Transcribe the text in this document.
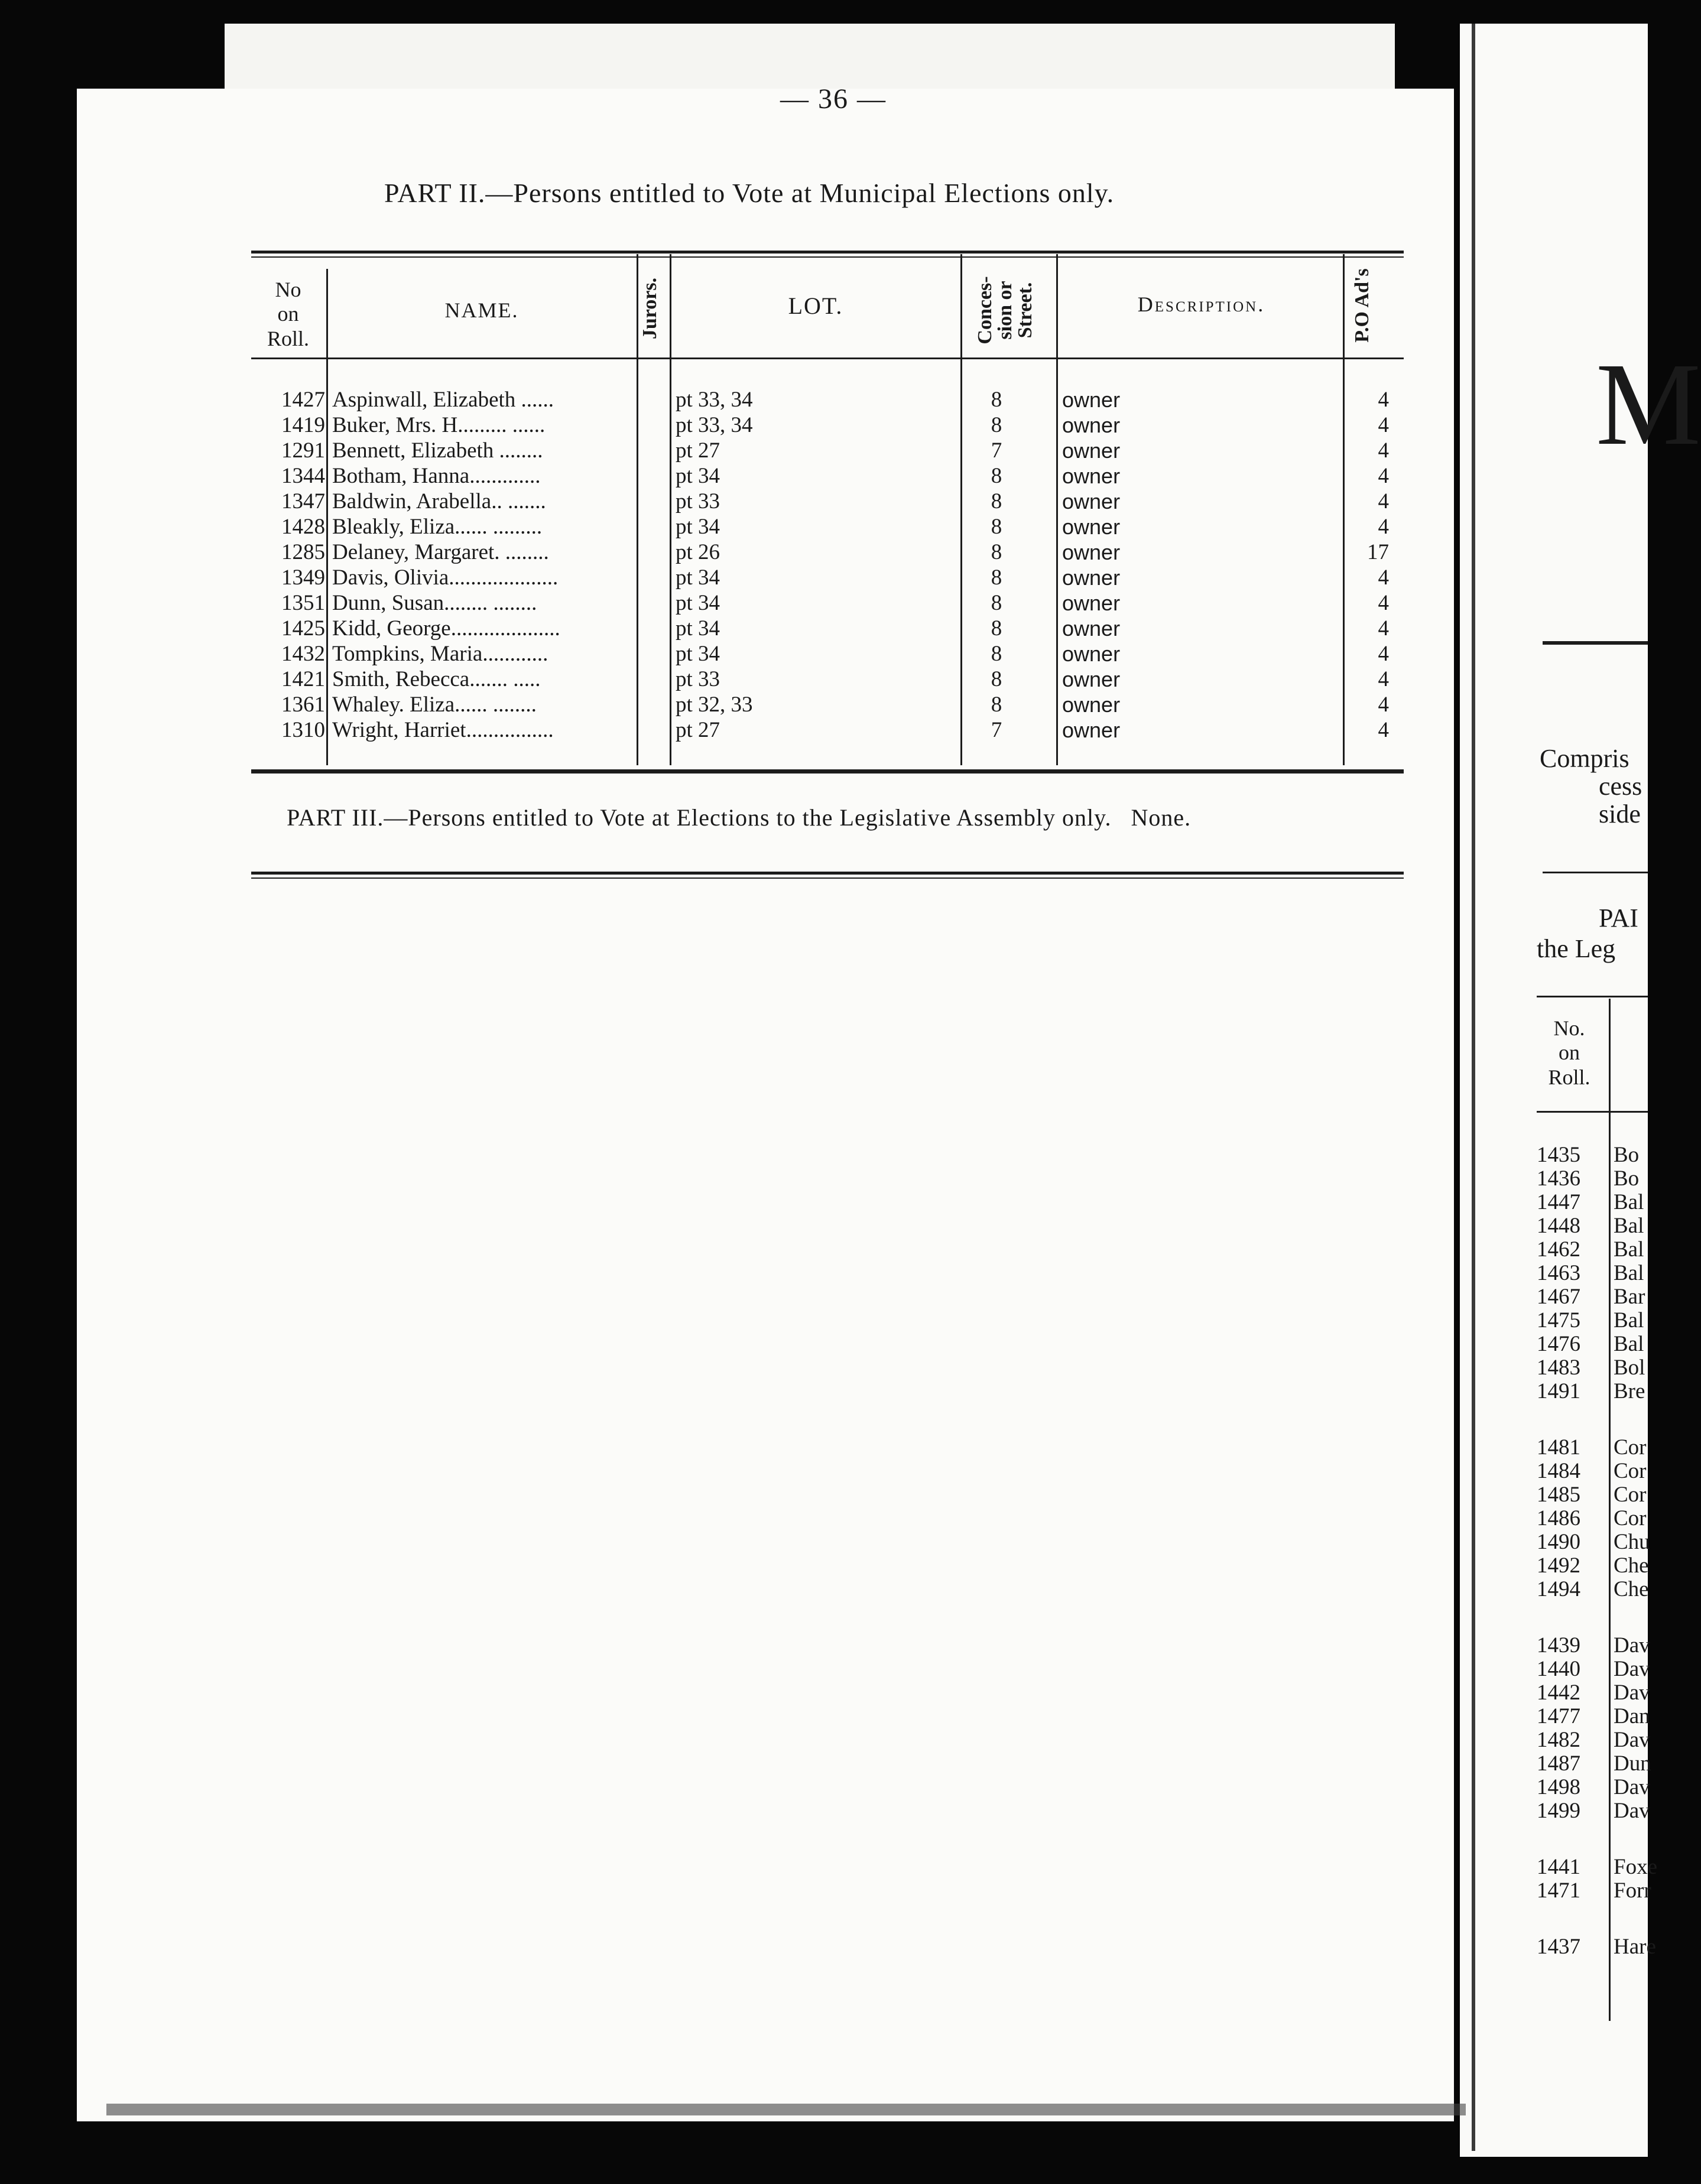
— 36 —
PART II.—Persons entitled to Vote at Municipal Elections only.
No
on
Roll.
NAME.	Jurors.	LOT.	Conces-
sion or
Street.	Description.	P.O Ad's
1427 Aspinwall, Elizabeth ......	pt 33, 34	8	owner	4
1419 Buker, Mrs. H......... ......	pt 33, 34	8	owner	4
1291 Bennett, Elizabeth ........	pt 27	7	owner	4
1344 Botham, Hanna.............	pt 34	8	owner	4
1347 Baldwin, Arabella.. .......	pt 33	8	owner	4
1428 Bleakly, Eliza...... .........	pt 34	8	owner	4
1285 Delaney, Margaret. ........	pt 26	8	owner	17
1349 Davis, Olivia....................	pt 34	8	owner	4
1351 Dunn, Susan........ ........	pt 34	8	owner	4
1425 Kidd, George....................	pt 34	8	owner	4
1432 Tompkins, Maria............	pt 34	8	owner	4
1421 Smith, Rebecca....... .....	pt 33	8	owner	4
1361 Whaley. Eliza...... ........	pt 32, 33	8	owner	4
1310 Wright, Harriet................	pt 27	7	owner	4
PART III.—Persons entitled to Vote at Elections to the Legislative Assembly only. None.
M
Compris
cess
side
PAI
the Leg
No.
on
Roll.
1435 Bo
1436 Bo
1447 Bal
1448 Bal
1462 Bal
1463 Bal
1467 Bar
1475 Bal
1476 Bal
1483 Bol
1491 Bre
1481 Cor
1484 Cor
1485 Cor
1486 Cor
1490 Chu
1492 Che
1494 Che
1439 Dav
1440 Dav
1442 Dav
1477 Dan
1482 Dav
1487 Dun
1498 Dav
1499 Dav
1441 Foxe
1471 Forr
1437 Hare
